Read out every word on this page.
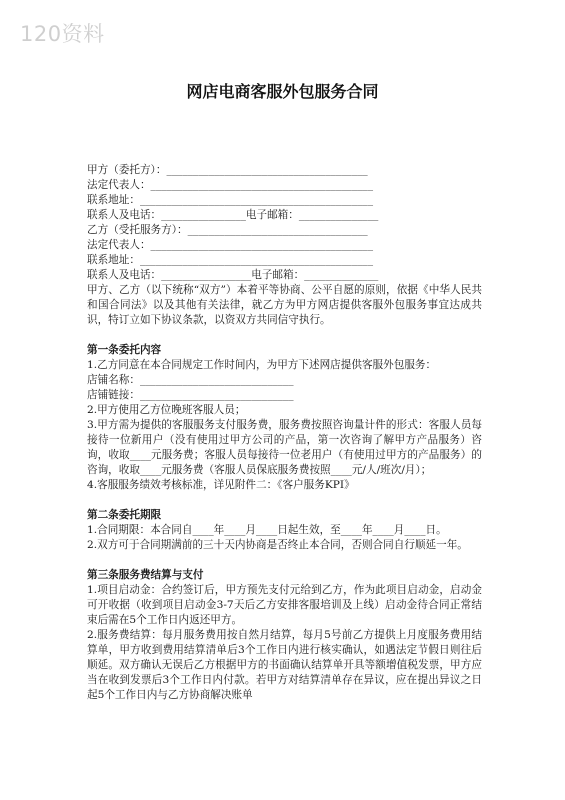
120资料
网店电商客服外包服务合同
甲方（委托方）：______________________________________
法定代表人：__________________________________________
联系地址：____________________________________________
联系人及电话：________________电子邮箱：_______________
乙方（受托服务方）：__________________________________
法定代表人：__________________________________________
联系地址：____________________________________________
联系人及电话：_________________电子邮箱：______________
甲方、乙方（以下统称“双方”）本着平等协商、公平自愿的原则，依据《中华人民共和国合同法》以及其他有关法律，就乙方为甲方网店提供客服外包服务事宜达成共识，特订立如下协议条款，以资双方共同信守执行。
第一条委托内容
1.乙方同意在本合同规定工作时间内，为甲方下述网店提供客服外包服务：
店铺名称：_____________________________
店铺链接：_____________________________
2.甲方使用乙方位晚班客服人员；
3.甲方需为提供的客服服务支付服务费，服务费按照咨询量计件的形式：客服人员每接待一位新用户（没有使用过甲方公司的产品，第一次咨询了解甲方产品服务）咨询，收取____元服务费；客服人员每接待一位老用户（有使用过甲方的产品服务）的咨询，收取____元服务费（客服人员保底服务费按照____元/人/班次/月）；
4.客服服务绩效考核标准，详见附件二：《客户服务KPI》
第二条委托期限
1.合同期限：本合同自____年____月____日起生效，至____年____月____日。
2.双方可于合同期满前的三十天内协商是否终止本合同，否则合同自行顺延一年。
第三条服务费结算与支付
1.项目启动金：合约签订后，甲方预先支付元给到乙方，作为此项目启动金，启动金可开收据（收到项目启动金3-7天后乙方安排客服培训及上线）启动金待合同正常结束后需在5个工作日内返还甲方。
2.服务费结算：每月服务费用按自然月结算，每月5号前乙方提供上月度服务费用结算单，甲方收到费用结算清单后3个工作日内进行核实确认，如遇法定节假日则往后顺延。双方确认无误后乙方根据甲方的书面确认结算单开具等额增值税发票，甲方应当在收到发票后3个工作日内付款。若甲方对结算清单存在异议，应在提出异议之日起5个工作日内与乙方协商解决账单
